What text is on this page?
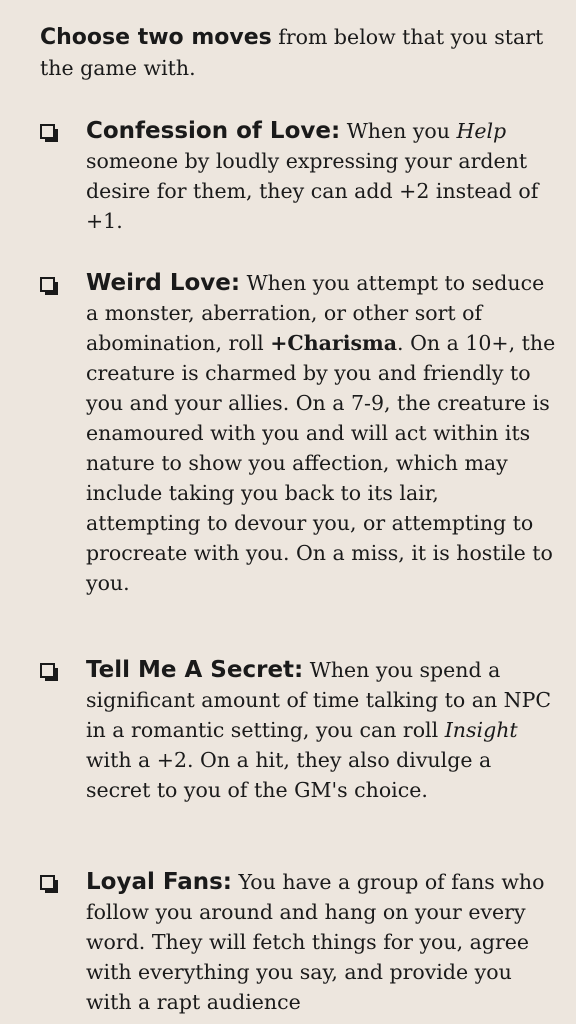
Choose two moves from below that you start the game with.
Confession of Love: When you Help someone by loudly expressing your ardent desire for them, they can add +2 instead of +1.
Weird Love: When you attempt to seduce a monster, aberration, or other sort of abomination, roll +Charisma. On a 10+, the creature is charmed by you and friendly to you and your allies. On a 7-9, the creature is enamoured with you and will act within its nature to show you affection, which may include taking you back to its lair, attempting to devour you, or attempting to procreate with you. On a miss, it is hostile to you.
Tell Me A Secret: When you spend a significant amount of time talking to an NPC in a romantic setting, you can roll Insight with a +2. On a hit, they also divulge a secret to you of the GM's choice.
Loyal Fans: You have a group of fans who follow you around and hang on your every word. They will fetch things for you, agree with everything you say, and provide you with a rapt audience
